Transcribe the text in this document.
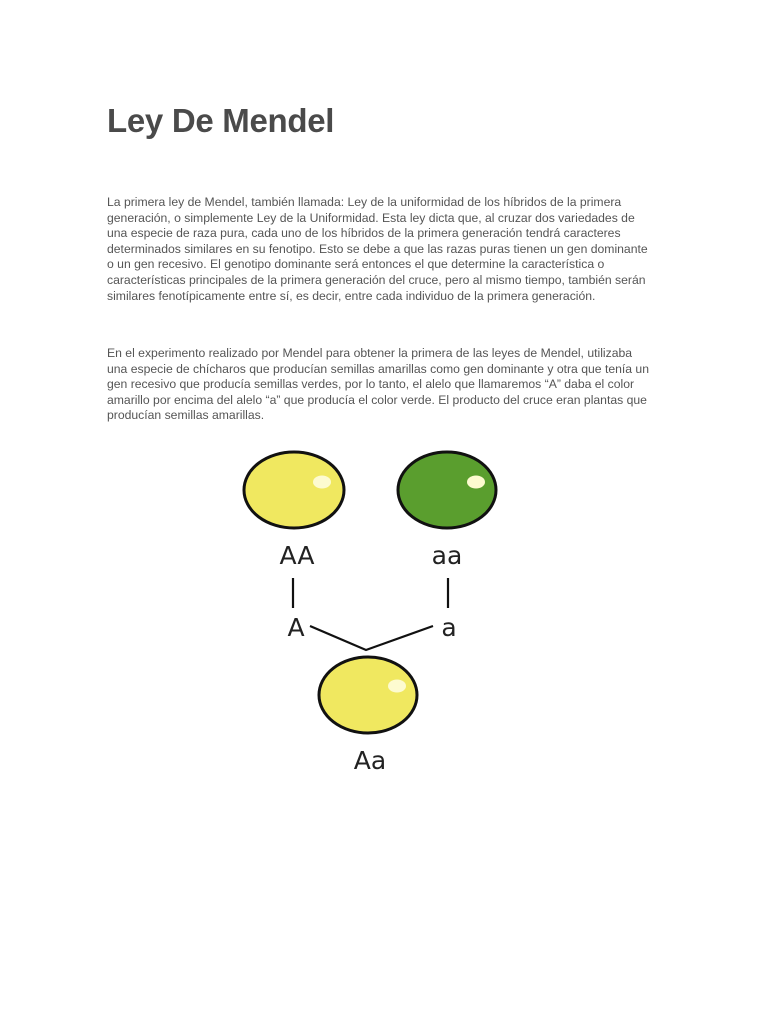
Ley De Mendel

La primera ley de Mendel, también llamada: Ley de la uniformidad de los híbridos de la primera generación, o simplemente Ley de la Uniformidad. Esta ley dicta que, al cruzar dos variedades de una especie de raza pura, cada uno de los híbridos de la primera generación tendrá caracteres determinados similares en su fenotipo. Esto se debe a que las razas puras tienen un gen dominante o un gen recesivo. El genotipo dominante será entonces el que determine la característica o características principales de la primera generación del cruce, pero al mismo tiempo, también serán similares fenotípicamente entre sí, es decir, entre cada individuo de la primera generación.

En el experimento realizado por Mendel para obtener la primera de las leyes de Mendel, utilizaba una especie de chícharos que producían semillas amarillas como gen dominante y otra que tenía un gen recesivo que producía semillas verdes, por lo tanto, el alelo que llamaremos “A” daba el color amarillo por encima del alelo “a” que producía el color verde. El producto del cruce eran plantas que producían semillas amarillas.

AA	aa
A	a
Aa
